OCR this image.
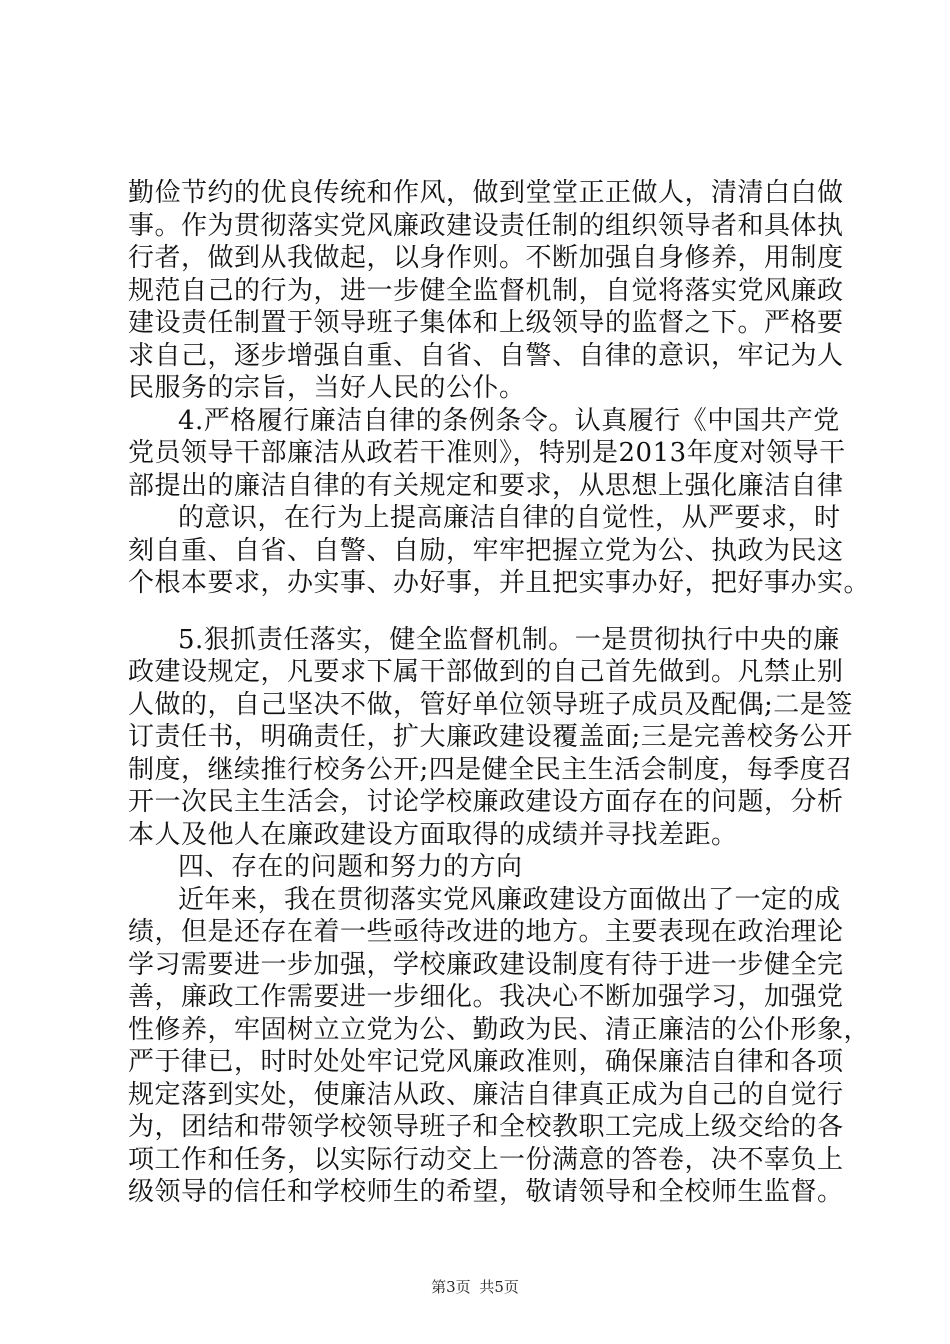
勤俭节约的优良传统和作风，做到堂堂正正做人，清清白白做
事。作为贯彻落实党风廉政建设责任制的组织领导者和具体执
行者，做到从我做起，以身作则。不断加强自身修养，用制度
规范自己的行为，进一步健全监督机制，自觉将落实党风廉政
建设责任制置于领导班子集体和上级领导的监督之下。严格要
求自己，逐步增强自重、自省、自警、自律的意识，牢记为人
民服务的宗旨，当好人民的公仆。
4.严格履行廉洁自律的条例条令。认真履行《中国共产党
党员领导干部廉洁从政若干准则》，特别是2013年度对领导干
部提出的廉洁自律的有关规定和要求，从思想上强化廉洁自律
的意识，在行为上提高廉洁自律的自觉性，从严要求，时
刻自重、自省、自警、自励，牢牢把握立党为公、执政为民这
个根本要求，办实事、办好事，并且把实事办好，把好事办实。
5.狠抓责任落实，健全监督机制。一是贯彻执行中央的廉
政建设规定，凡要求下属干部做到的自己首先做到。凡禁止别
人做的，自己坚决不做，管好单位领导班子成员及配偶;二是签
订责任书，明确责任，扩大廉政建设覆盖面;三是完善校务公开
制度，继续推行校务公开;四是健全民主生活会制度，每季度召
开一次民主生活会，讨论学校廉政建设方面存在的问题，分析
本人及他人在廉政建设方面取得的成绩并寻找差距。
四、存在的问题和努力的方向
近年来，我在贯彻落实党风廉政建设方面做出了一定的成
绩，但是还存在着一些亟待改进的地方。主要表现在政治理论
学习需要进一步加强，学校廉政建设制度有待于进一步健全完
善，廉政工作需要进一步细化。我决心不断加强学习，加强党
性修养，牢固树立立党为公、勤政为民、清正廉洁的公仆形象，
严于律已，时时处处牢记党风廉政准则，确保廉洁自律和各项
规定落到实处，使廉洁从政、廉洁自律真正成为自己的自觉行
为，团结和带领学校领导班子和全校教职工完成上级交给的各
项工作和任务，以实际行动交上一份满意的答卷，决不辜负上
级领导的信任和学校师生的希望，敬请领导和全校师生监督。
第3页 共5页
